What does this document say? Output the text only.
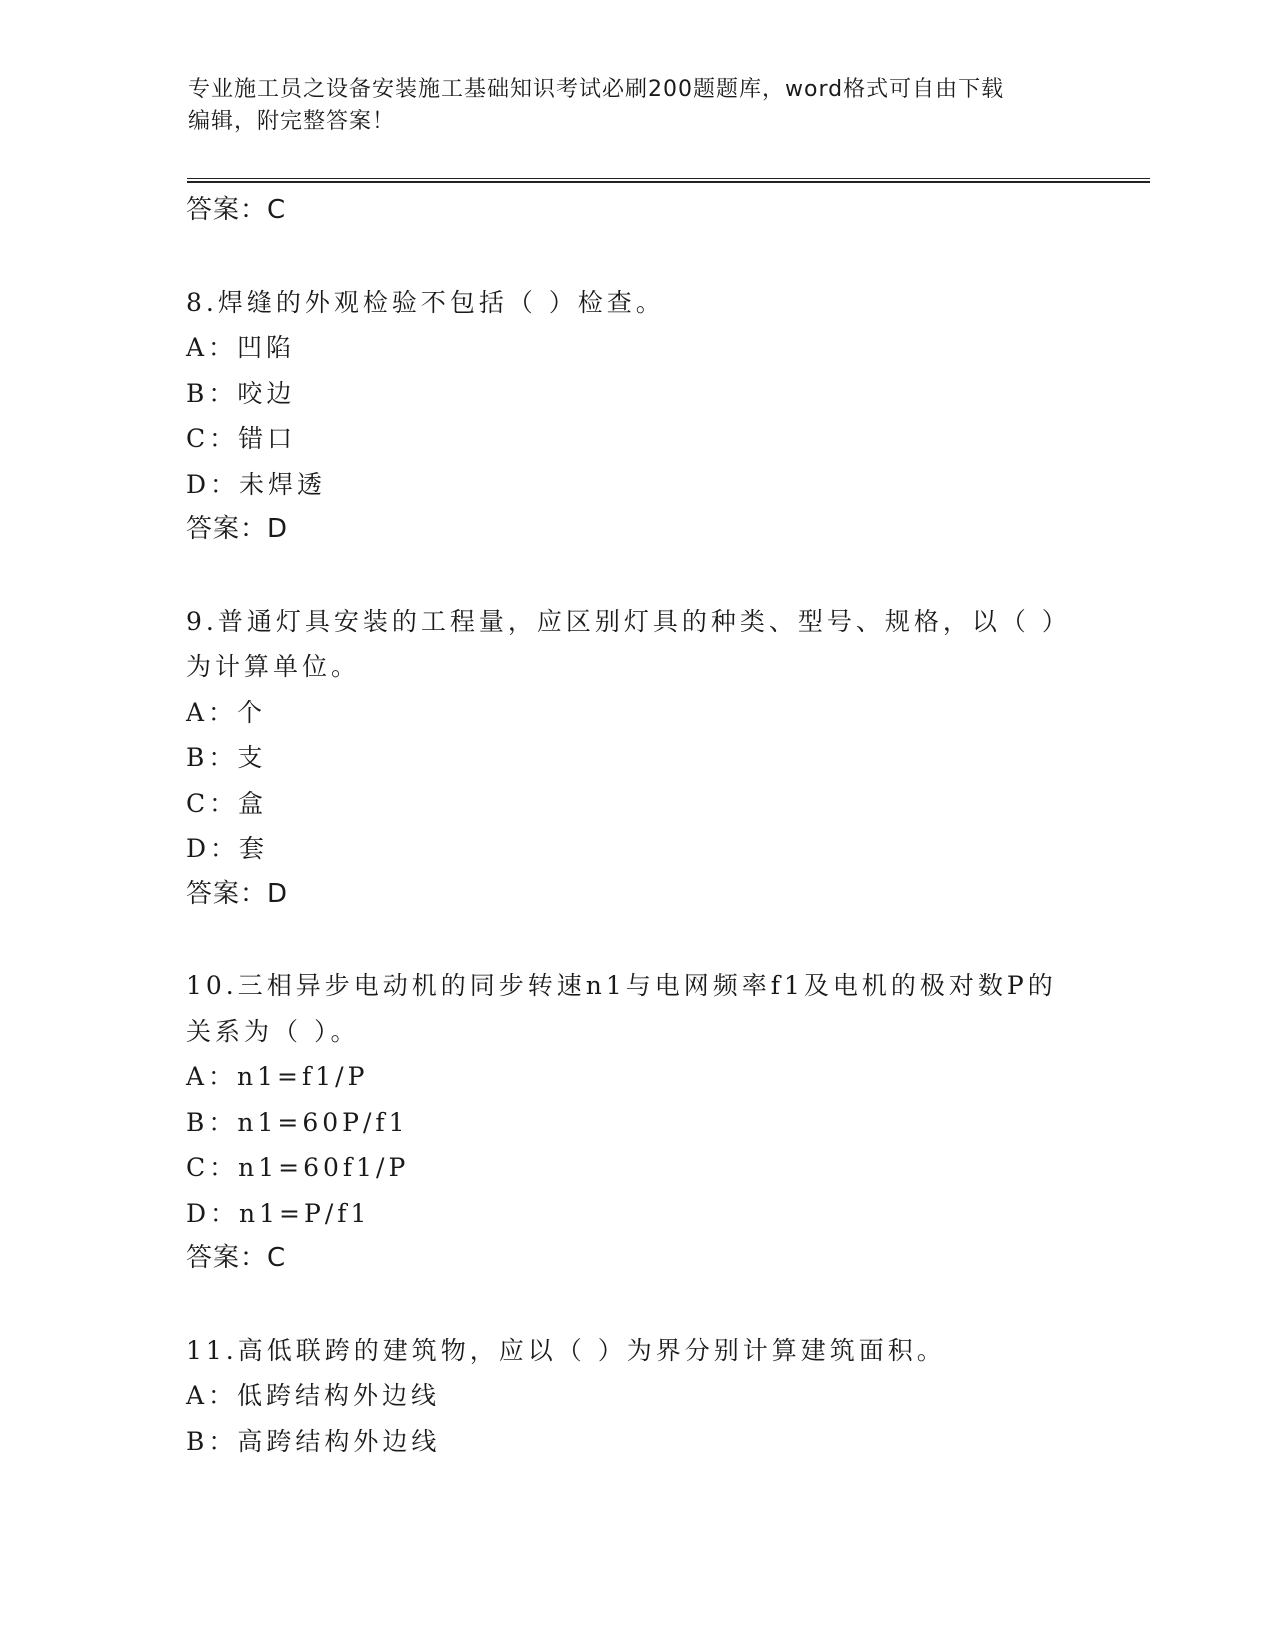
专业施工员之设备安装施工基础知识考试必刷200题题库，word格式可自由下载
编辑，附完整答案！
答案：C
8.焊缝的外观检验不包括（ ）检查。
A：凹陷
B：咬边
C：错口
D：未焊透
答案：D
9.普通灯具安装的工程量，应区别灯具的种类、型号、规格，以（ ）
为计算单位。
A：个
B：支
C：盒
D：套
答案：D
10.三相异步电动机的同步转速n1与电网频率f1及电机的极对数P的
关系为（ ）。
A：n1=f1/P
B：n1=60P/f1
C：n1=60f1/P
D：n1=P/f1
答案：C
11.高低联跨的建筑物，应以（ ）为界分别计算建筑面积。
A：低跨结构外边线
B：高跨结构外边线
